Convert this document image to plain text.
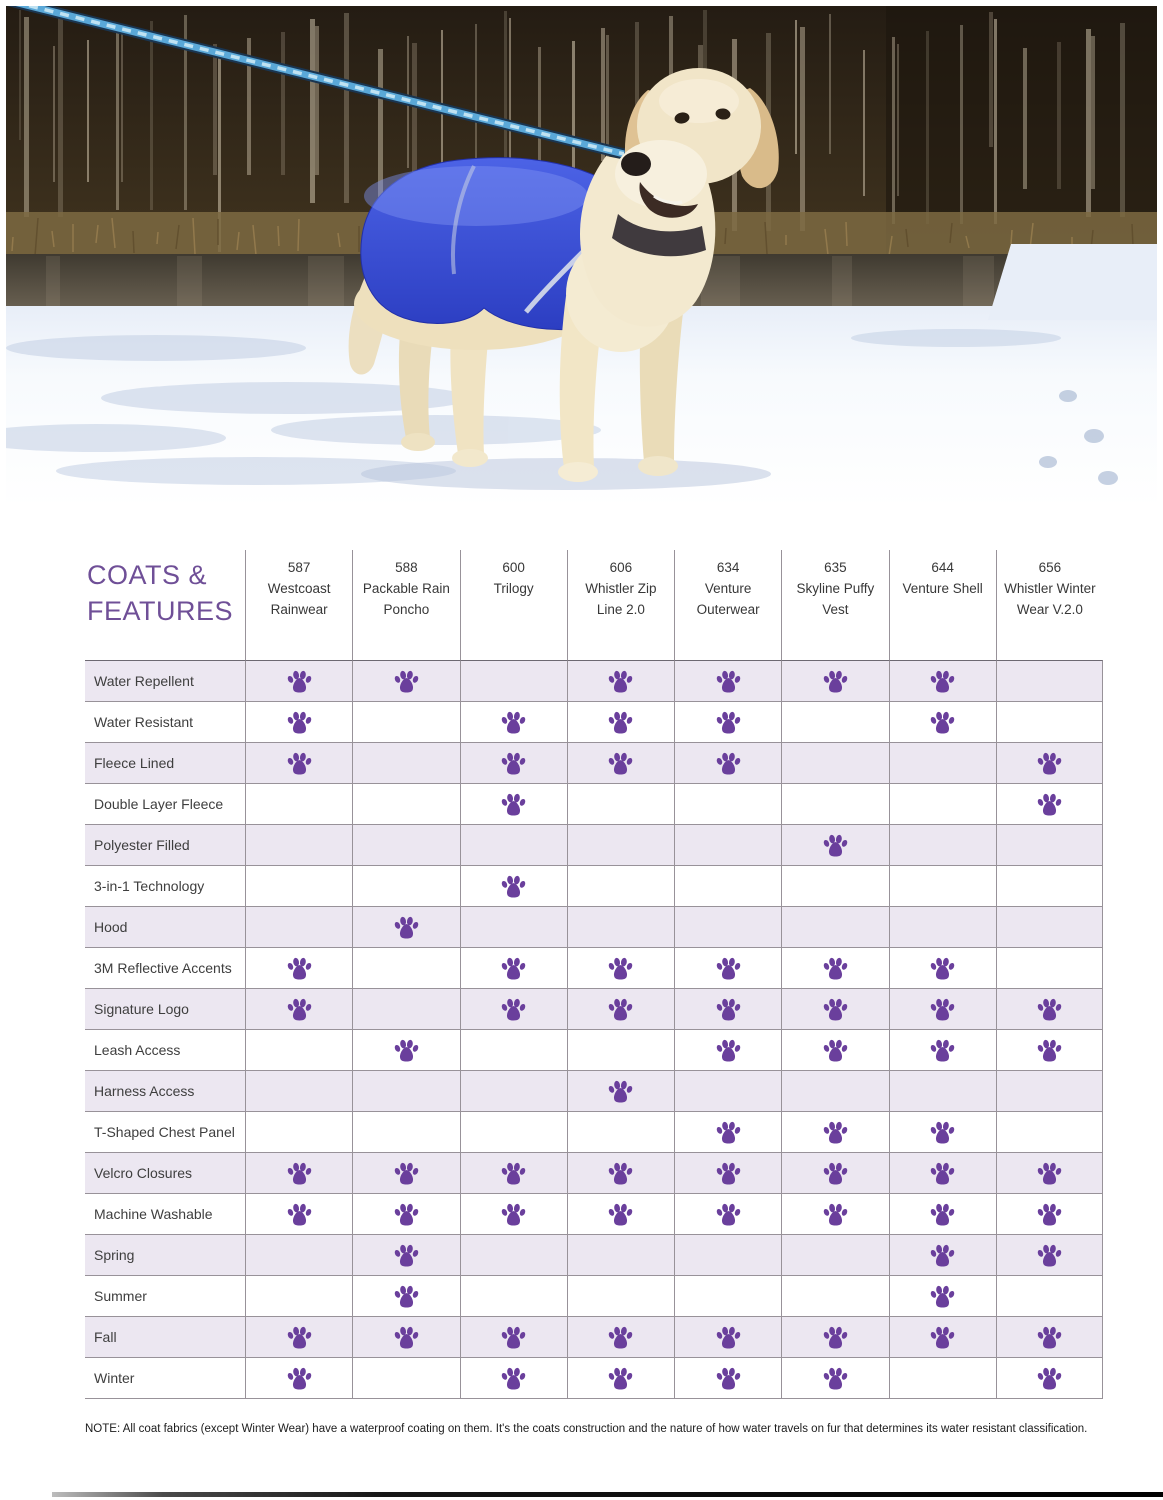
COATS &
FEATURES
587
Westcoast Rainwear
588
Packable Rain Poncho
600
Trilogy
606
Whistler Zip Line 2.0
634
Venture Outerwear
635
Skyline Puffy Vest
644
Venture Shell
656
Whistler Winter Wear V.2.0
Water Repellent
Water Resistant
Fleece Lined
Double Layer Fleece
Polyester Filled
3-in-1 Technology
Hood
3M Reflective Accents
Signature Logo
Leash Access
Harness Access
T-Shaped Chest Panel
Velcro Closures
Machine Washable
Spring
Summer
Fall
Winter
NOTE: All coat fabrics (except Winter Wear) have a waterproof coating on them. It's the coats construction and the nature of how water travels on fur that determines its water resistant classification.
